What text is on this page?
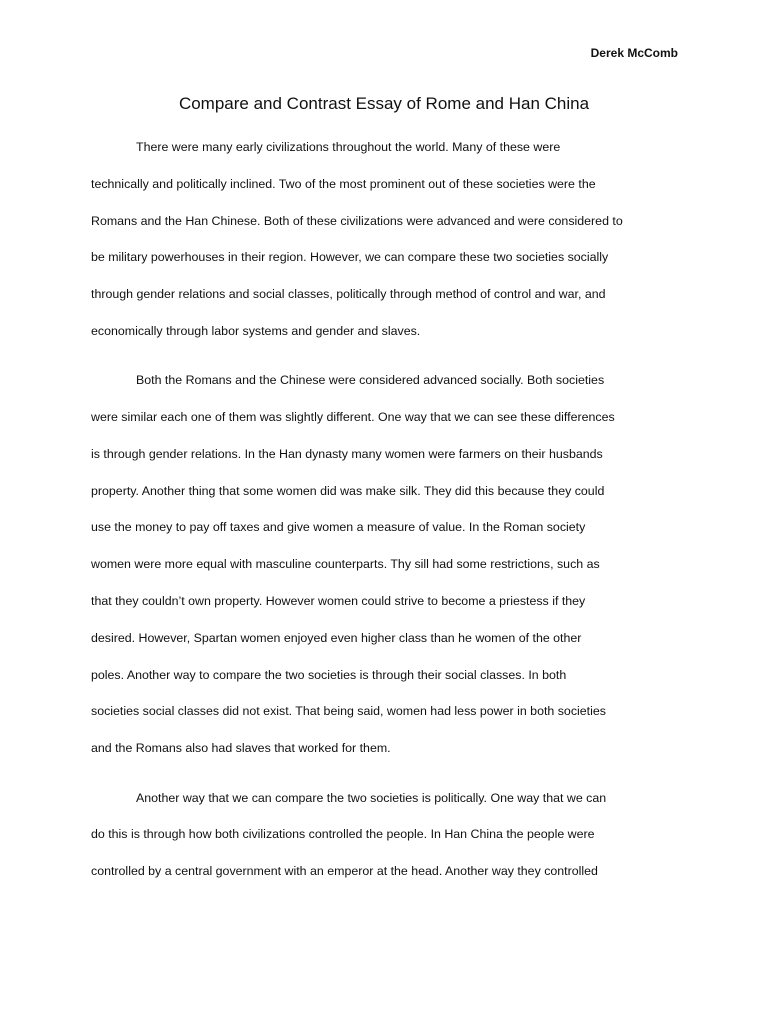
Derek McComb
Compare and Contrast Essay of Rome and Han China

There were many early civilizations throughout the world. Many of these were
technically and politically inclined. Two of the most prominent out of these societies were the
Romans and the Han Chinese. Both of these civilizations were advanced and were considered to
be military powerhouses in their region. However, we can compare these two societies socially
through gender relations and social classes, politically through method of control and war, and
economically through labor systems and gender and slaves.

Both the Romans and the Chinese were considered advanced socially. Both societies
were similar each one of them was slightly different. One way that we can see these differences
is through gender relations. In the Han dynasty many women were farmers on their husbands
property. Another thing that some women did was make silk. They did this because they could
use the money to pay off taxes and give women a measure of value. In the Roman society
women were more equal with masculine counterparts. Thy sill had some restrictions, such as
that they couldn’t own property. However women could strive to become a priestess if they
desired. However, Spartan women enjoyed even higher class than he women of the other
poles. Another way to compare the two societies is through their social classes. In both
societies social classes did not exist. That being said, women had less power in both societies
and the Romans also had slaves that worked for them.

Another way that we can compare the two societies is politically. One way that we can
do this is through how both civilizations controlled the people. In Han China the people were
controlled by a central government with an emperor at the head. Another way they controlled
